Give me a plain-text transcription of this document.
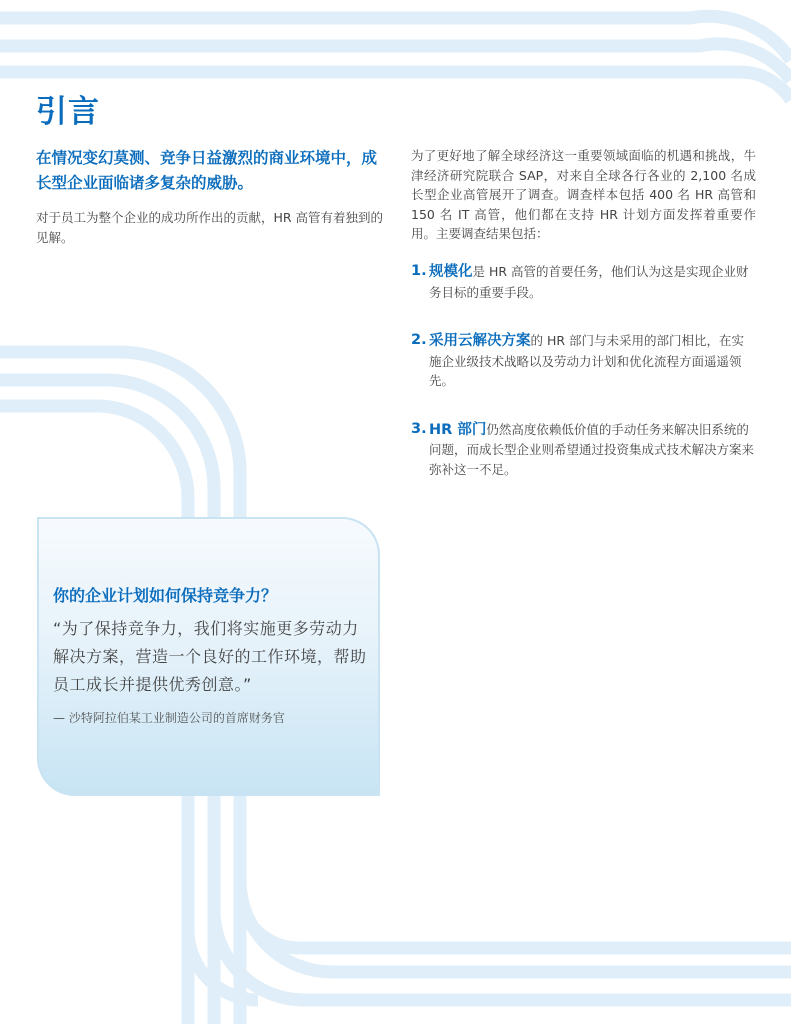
引言

在情况变幻莫测、竞争日益激烈的商业环境中，成长型企业面临诸多复杂的威胁。

对于员工为整个企业的成功所作出的贡献，HR 高管有着独到的见解。

为了更好地了解全球经济这一重要领域面临的机遇和挑战，牛津经济研究院联合 SAP，对来自全球各行各业的 2,100 名成长型企业高管展开了调查。调查样本包括 400 名 HR 高管和 150 名 IT 高管，他们都在支持 HR 计划方面发挥着重要作用。主要调查结果包括：

1. 规模化是 HR 高管的首要任务，他们认为这是实现企业财务目标的重要手段。
2. 采用云解决方案的 HR 部门与未采用的部门相比，在实施企业级技术战略以及劳动力计划和优化流程方面遥遥领先。
3. HR 部门仍然高度依赖低价值的手动任务来解决旧系统的问题，而成长型企业则希望通过投资集成式技术解决方案来弥补这一不足。
你的企业计划如何保持竞争力？

“为了保持竞争力，我们将实施更多劳动力解决方案，营造一个良好的工作环境，帮助员工成长并提供优秀创意。”

— 沙特阿拉伯某工业制造公司的首席财务官
